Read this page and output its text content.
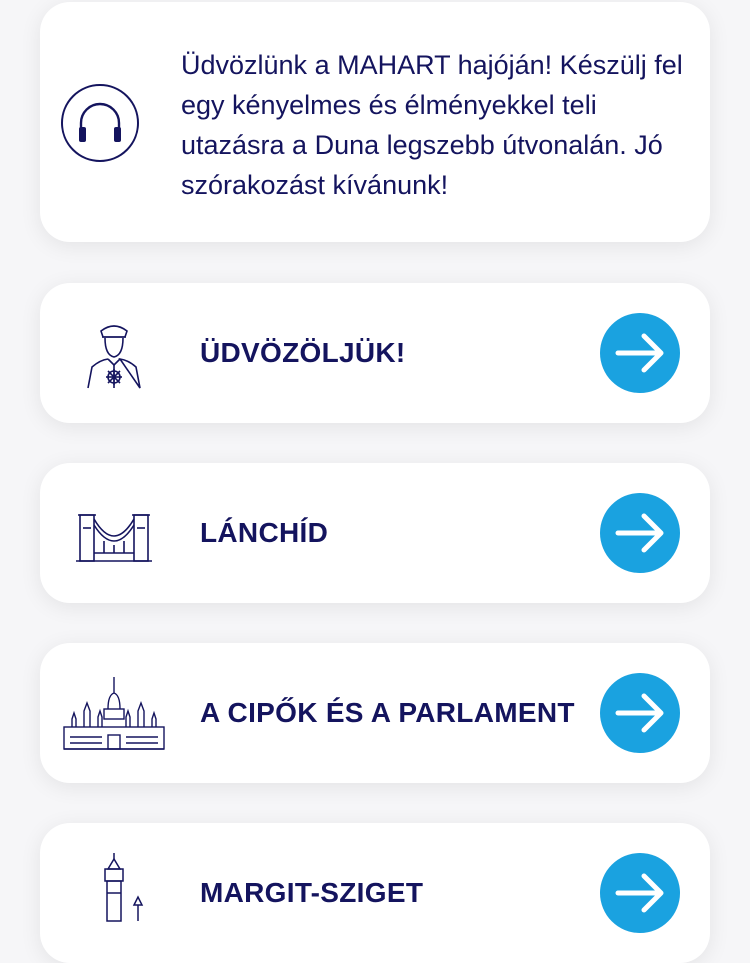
Üdvözlünk a MAHART hajóján! Készülj fel egy kényelmes és élményekkel teli utazásra a Duna legszebb útvonalán. Jó szórakozást kívánunk!
ÜDVÖZÖLJÜK!
LÁNCHÍD
A CIPŐK ÉS A PARLAMENT
MARGIT-SZIGET
